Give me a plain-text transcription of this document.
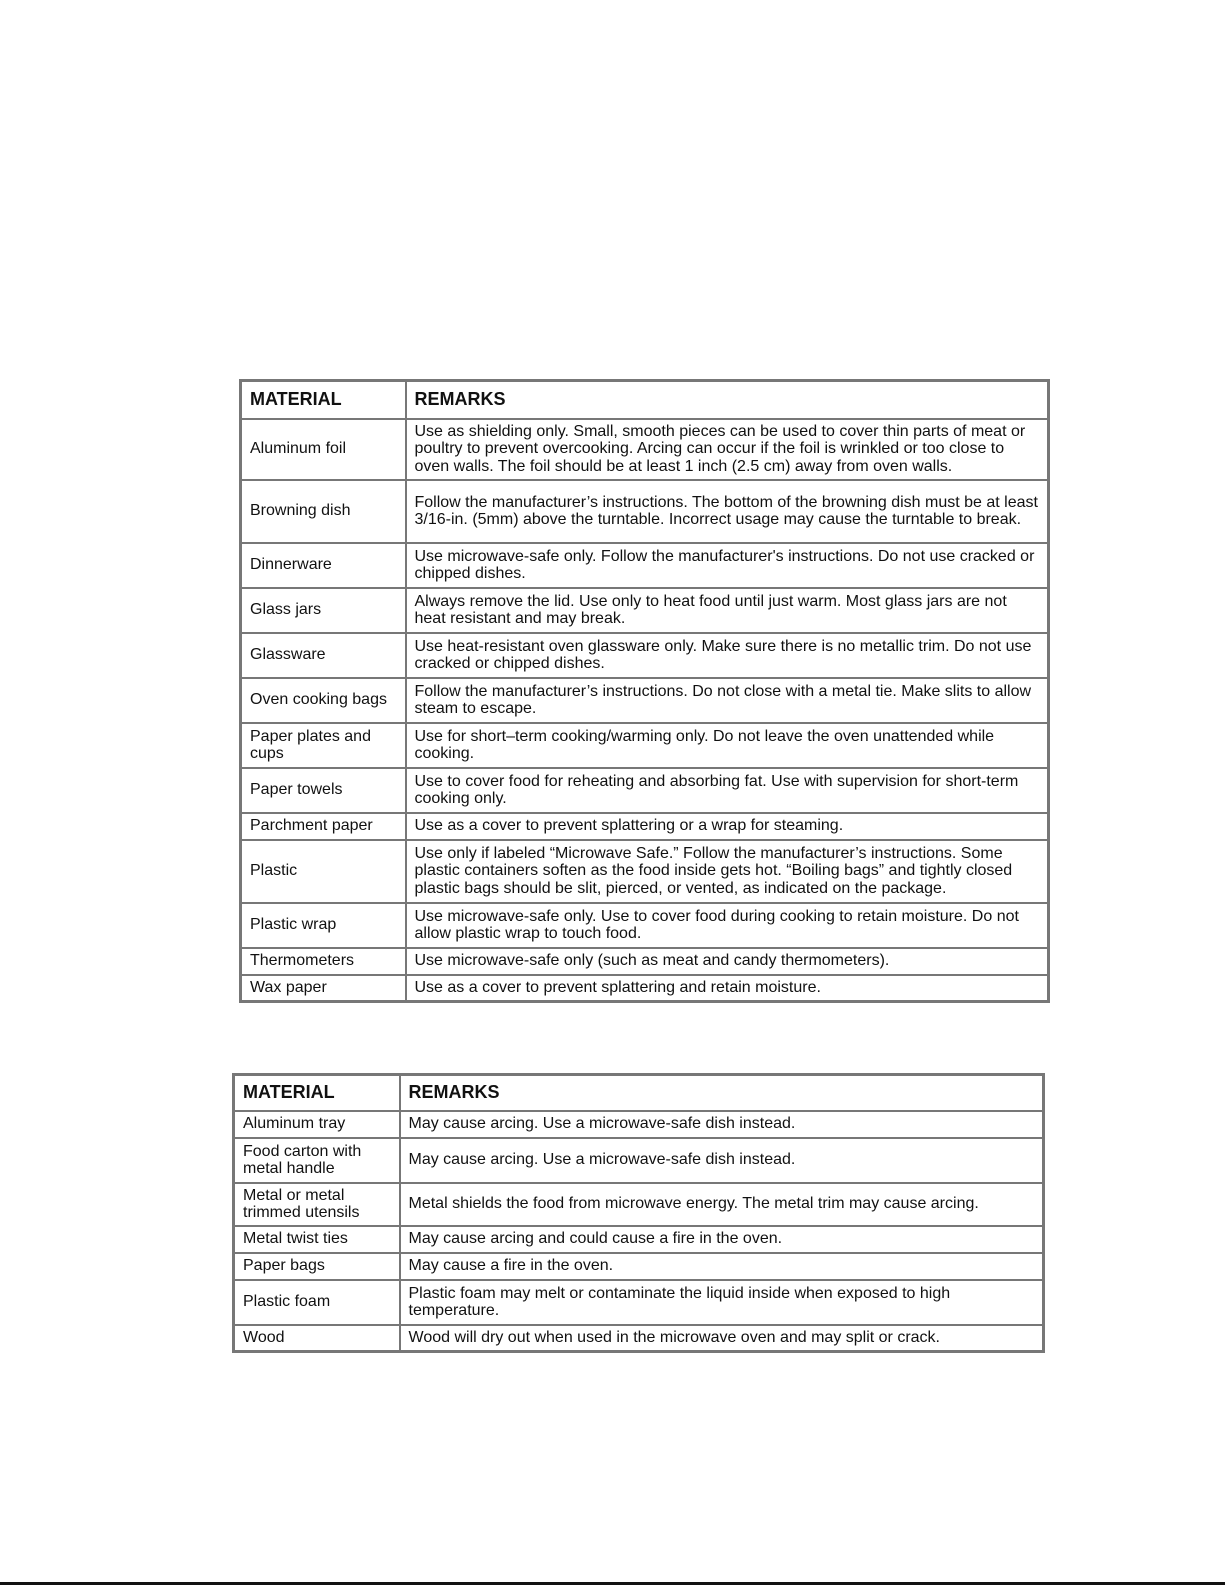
MATERIAL	REMARKS
Aluminum foil	Use as shielding only. Small, smooth pieces can be used to cover thin parts of meat or poultry to prevent overcooking. Arcing can occur if the foil is wrinkled or too close to oven walls. The foil should be at least 1 inch (2.5 cm) away from oven walls.
Browning dish	Follow the manufacturer’s instructions. The bottom of the browning dish must be at least 3/16-in. (5mm) above the turntable. Incorrect usage may cause the turntable to break.
Dinnerware	Use microwave-safe only. Follow the manufacturer's instructions. Do not use cracked or chipped dishes.
Glass jars	Always remove the lid. Use only to heat food until just warm. Most glass jars are not heat resistant and may break.
Glassware	Use heat-resistant oven glassware only. Make sure there is no metallic trim. Do not use cracked or chipped dishes.
Oven cooking bags	Follow the manufacturer’s instructions. Do not close with a metal tie. Make slits to allow steam to escape.
Paper plates and cups	Use for short–term cooking/warming only. Do not leave the oven unattended while cooking.
Paper towels	Use to cover food for reheating and absorbing fat. Use with supervision for short-term cooking only.
Parchment paper	Use as a cover to prevent splattering or a wrap for steaming.
Plastic	Use only if labeled “Microwave Safe.” Follow the manufacturer’s instructions. Some plastic containers soften as the food inside gets hot. “Boiling bags” and tightly closed plastic bags should be slit, pierced, or vented, as indicated on the package.
Plastic wrap	Use microwave-safe only. Use to cover food during cooking to retain moisture. Do not allow plastic wrap to touch food.
Thermometers	Use microwave-safe only (such as meat and candy thermometers).
Wax paper	Use as a cover to prevent splattering and retain moisture.
MATERIAL	REMARKS
Aluminum tray	May cause arcing. Use a microwave-safe dish instead.
Food carton with metal handle	May cause arcing. Use a microwave-safe dish instead.
Metal or metal trimmed utensils	Metal shields the food from microwave energy. The metal trim may cause arcing.
Metal twist ties	May cause arcing and could cause a fire in the oven.
Paper bags	May cause a fire in the oven.
Plastic foam	Plastic foam may melt or contaminate the liquid inside when exposed to high temperature.
Wood	Wood will dry out when used in the microwave oven and may split or crack.
